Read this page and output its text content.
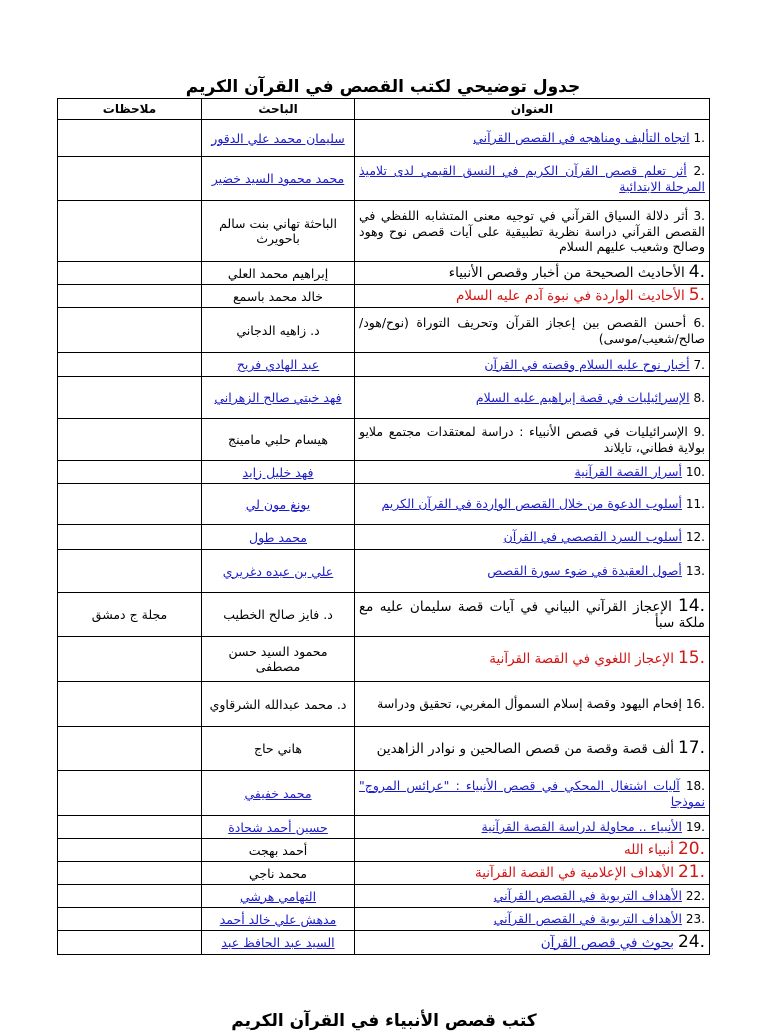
جدول توضيحي لكتب القصص في القرآن الكريم
العنوان	الباحث	ملاحظات
1. اتجاه التأليف ومناهجه في القصص القرآني	سليمان محمد علي الدقور	
2. أثر تعلم قصص القرآن الكريم في النسق القيمي لدى تلاميذ المرحلة الابتدائية	محمد محمود السيد خضير	
3. أثر دلالة السياق القرآني في توجيه معنى المتشابه اللفظي في القصص القرآني دراسة نظرية تطبيقية على آيات قصص نوح وهود وصالح وشعيب عليهم السلام	الباحثة تهاني بنت سالم باحويرث	
4. الأحاديث الصحيحة من أخبار وقصص الأنبياء	إبراهيم محمد العلي	
5. الأحاديث الواردة في نبوة آدم عليه السلام	خالد محمد باسمع	
6. أحسن القصص بين إعجاز القرآن وتحريف التوراة (نوح/هود/صالح/شعيب/موسى)	د. زاهيه الدجاني	
7. أخبار نوح عليه السلام وقصته في القرآن	عبد الهادي فريح	
8. الإسرائيليات في قصة إبراهيم عليه السلام	فهد خبتي صالح الزهراني	
9. الإسرائيليات في قصص الأنبياء : دراسة لمعتقدات مجتمع ملايو بولاية فطاني، تايلاند	هيسام حلبي مامينج	
10. أسرار القصة القرآنية	فهد خليل زايد	
11. أسلوب الدعوة من خلال القصص الواردة في القرآن الكريم	يونغ مون لي	
12. أسلوب السرد القصصي في القرآن	محمد طول	
13. أصول العقيدة في ضوء سورة القصص	علي بن عبده دغريري	
14. الإعجاز القرآني البياني في آيات قصة سليمان عليه مع ملكة سبأ	د. فايز صالح الخطيب	مجلة ج دمشق
15. الإعجاز اللغوي في القصة القرآنية	محمود السيد حسن مصطفى	
16. إفحام اليهود وقصة إسلام السموأل المغربي، تحقيق ودراسة	د. محمد عبدالله الشرقاوي	
17. ألف قصة وقصة من قصص الصالحين و نوادر الزاهدين	هاني حاج	
18. آليات اشتغال المحكي في قصص الأنبياء : "عرائس المروج" نموذجا	محمد خفيفي	
19. الأنبياء .. محاولة لدراسة القصة القرآنية	حسين أحمد شحادة	
20. أنبياء الله	أحمد بهجت	
21. الأهداف الإعلامية في القصة القرآنية	محمد ناجي	
22. الأهداف التربوية في القصص القرآني	التهامي هرشي	
23. الأهداف التربوية في القصص القرآني	مدهش علي خالد أحمد	
24. بحوث في قصص القرآن	السيد عبد الحافظ عبد	
كتب قصص الأنبياء في القرآن الكريم
